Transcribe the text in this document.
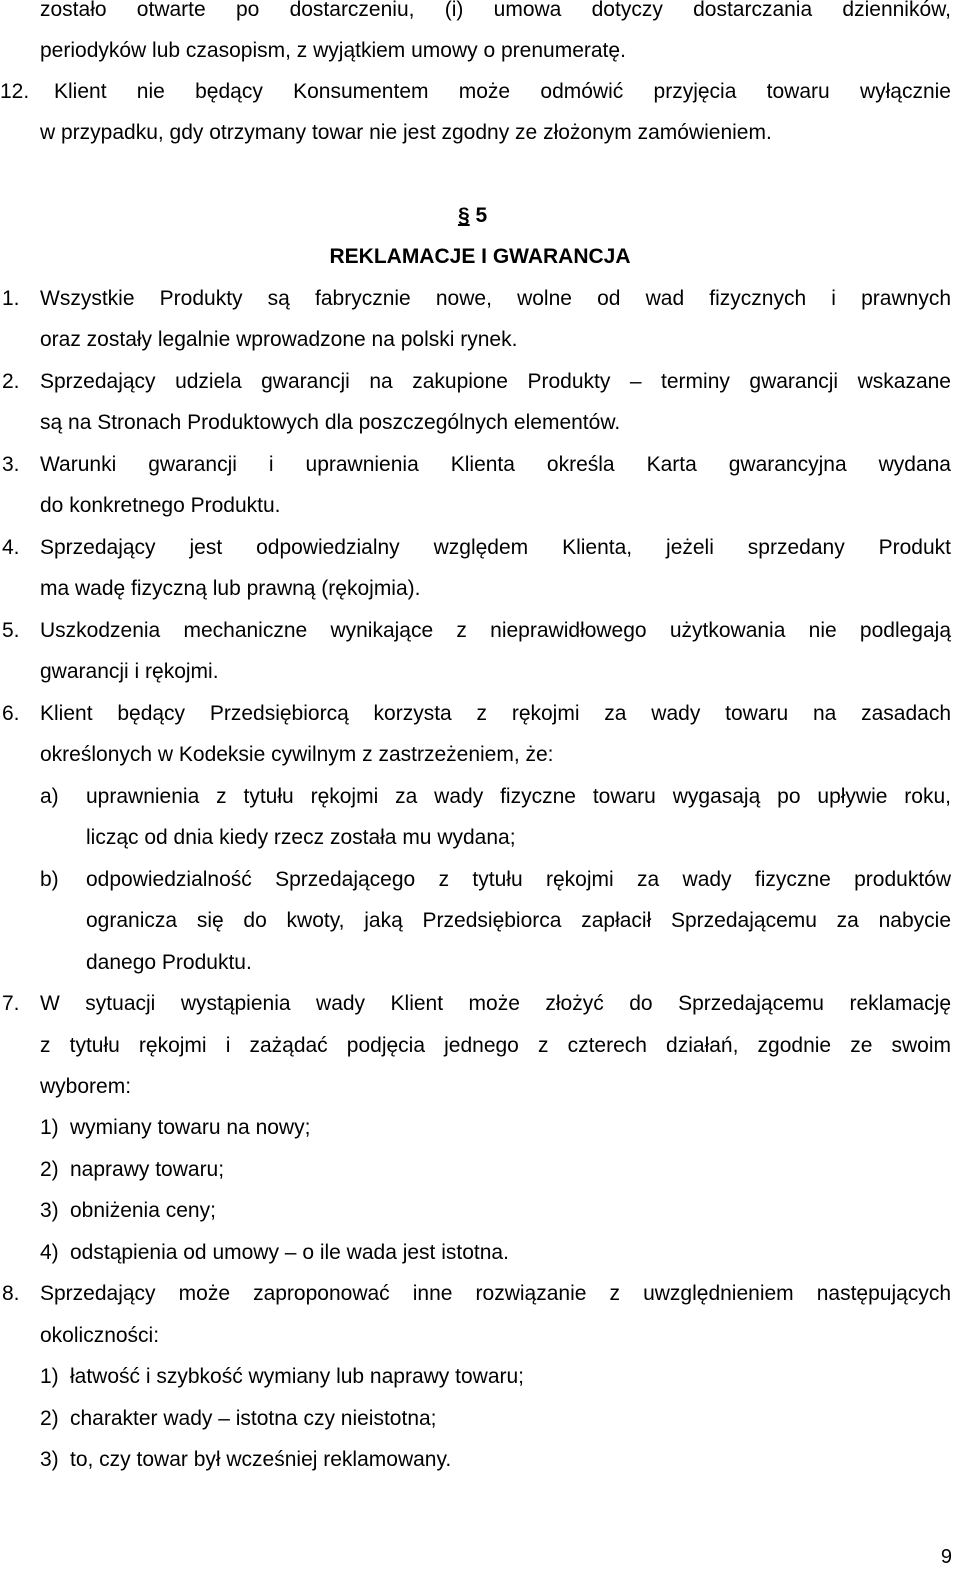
zostało otwarte po dostarczeniu, (i) umowa dotyczy dostarczania dzienników,
periodyków lub czasopism, z wyjątkiem umowy o prenumeratę.
12. Klient nie będący Konsumentem może odmówić przyjęcia towaru wyłącznie
w przypadku, gdy otrzymany towar nie jest zgodny ze złożonym zamówieniem.
§ 5
REKLAMACJE I GWARANCJA
1. Wszystkie Produkty są fabrycznie nowe, wolne od wad fizycznych i prawnych
oraz zostały legalnie wprowadzone na polski rynek.
2. Sprzedający udziela gwarancji na zakupione Produkty – terminy gwarancji wskazane
są na Stronach Produktowych dla poszczególnych elementów.
3. Warunki gwarancji i uprawnienia Klienta określa Karta gwarancyjna wydana
do konkretnego Produktu.
4. Sprzedający jest odpowiedzialny względem Klienta, jeżeli sprzedany Produkt
ma wadę fizyczną lub prawną (rękojmia).
5. Uszkodzenia mechaniczne wynikające z nieprawidłowego użytkowania nie podlegają
gwarancji i rękojmi.
6. Klient będący Przedsiębiorcą korzysta z rękojmi za wady towaru na zasadach
określonych w Kodeksie cywilnym z zastrzeżeniem, że:
a) uprawnienia z tytułu rękojmi za wady fizyczne towaru wygasają po upływie roku,
licząc od dnia kiedy rzecz została mu wydana;
b) odpowiedzialność Sprzedającego z tytułu rękojmi za wady fizyczne produktów
ogranicza się do kwoty, jaką Przedsiębiorca zapłacił Sprzedającemu za nabycie
danego Produktu.
7. W sytuacji wystąpienia wady Klient może złożyć do Sprzedającemu reklamację
z tytułu rękojmi i zażądać podjęcia jednego z czterech działań, zgodnie ze swoim
wyborem:
1) wymiany towaru na nowy;
2) naprawy towaru;
3) obniżenia ceny;
4) odstąpienia od umowy – o ile wada jest istotna.
8. Sprzedający może zaproponować inne rozwiązanie z uwzględnieniem następujących
okoliczności:
1) łatwość i szybkość wymiany lub naprawy towaru;
2) charakter wady – istotna czy nieistotna;
3) to, czy towar był wcześniej reklamowany.
9
